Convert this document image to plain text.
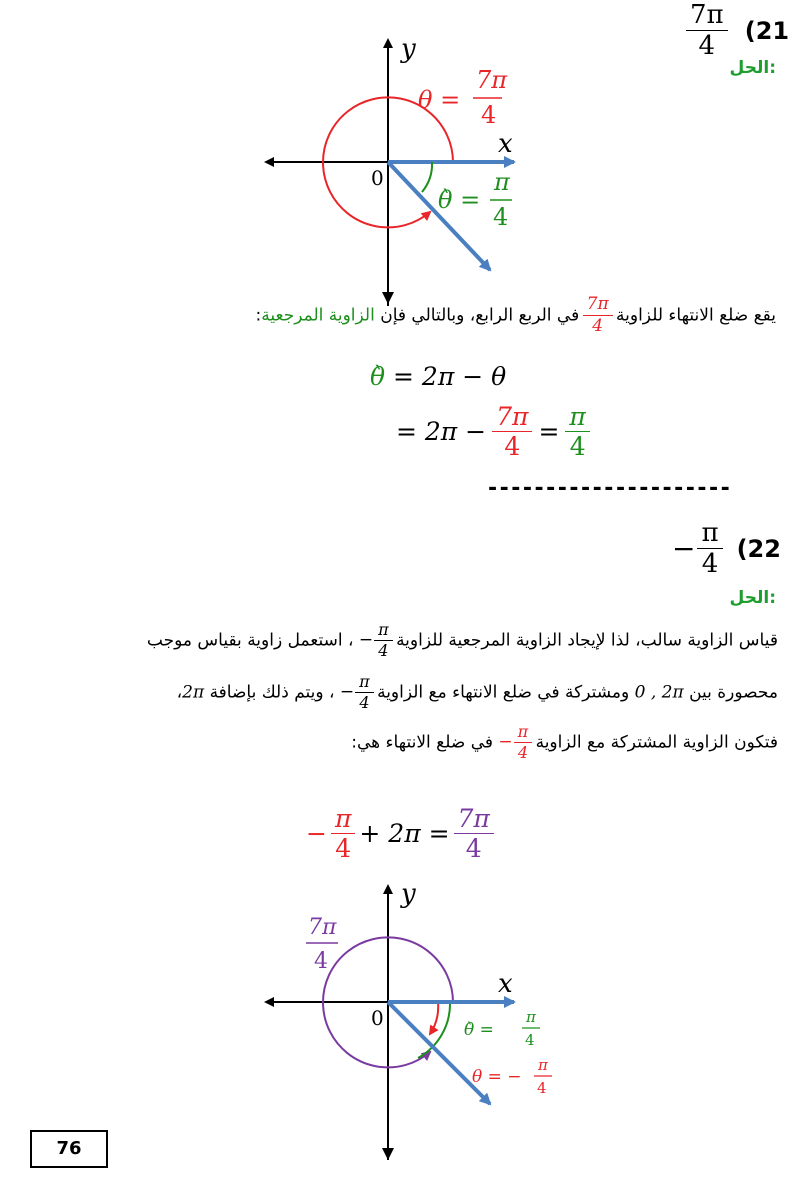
$\frac{7\pi}{4} (21$
الحل:
y
x
0
θ =
7π
4
θ̀ =
π
4
يقع ضلع الانتهاء للزاوية
$\frac{7\pi}{4}$
في الربع الرابع، وبالتالي فإن الزاوية المرجعية:
θ̀ = 2π − θ
= $2\pi - \frac{7\pi}{4} = \frac{\pi}{4}$
---------------------
− $\frac{\pi}{4} (22$
الحل:
قياس الزاوية سالب، لذا لإيجاد الزاوية المرجعية للزاوية
− $\frac{\pi}{4}$
، استعمل زاوية بقياس موجب
محصورة بين 0 , 2π ومشتركة في ضلع الانتهاء مع الزاوية
− $\frac{\pi}{4}$
، ويتم ذلك بإضافة 2π،
فتكون الزاوية المشتركة مع الزاوية
− $\frac{\pi}{4}$
في ضلع الانتهاء هي:
− $\frac{\pi}{4} + 2\pi = \frac{7\pi}{4}$
y
x
0
7π
4
θ̀ =
π
4
θ = −
π
4
76
